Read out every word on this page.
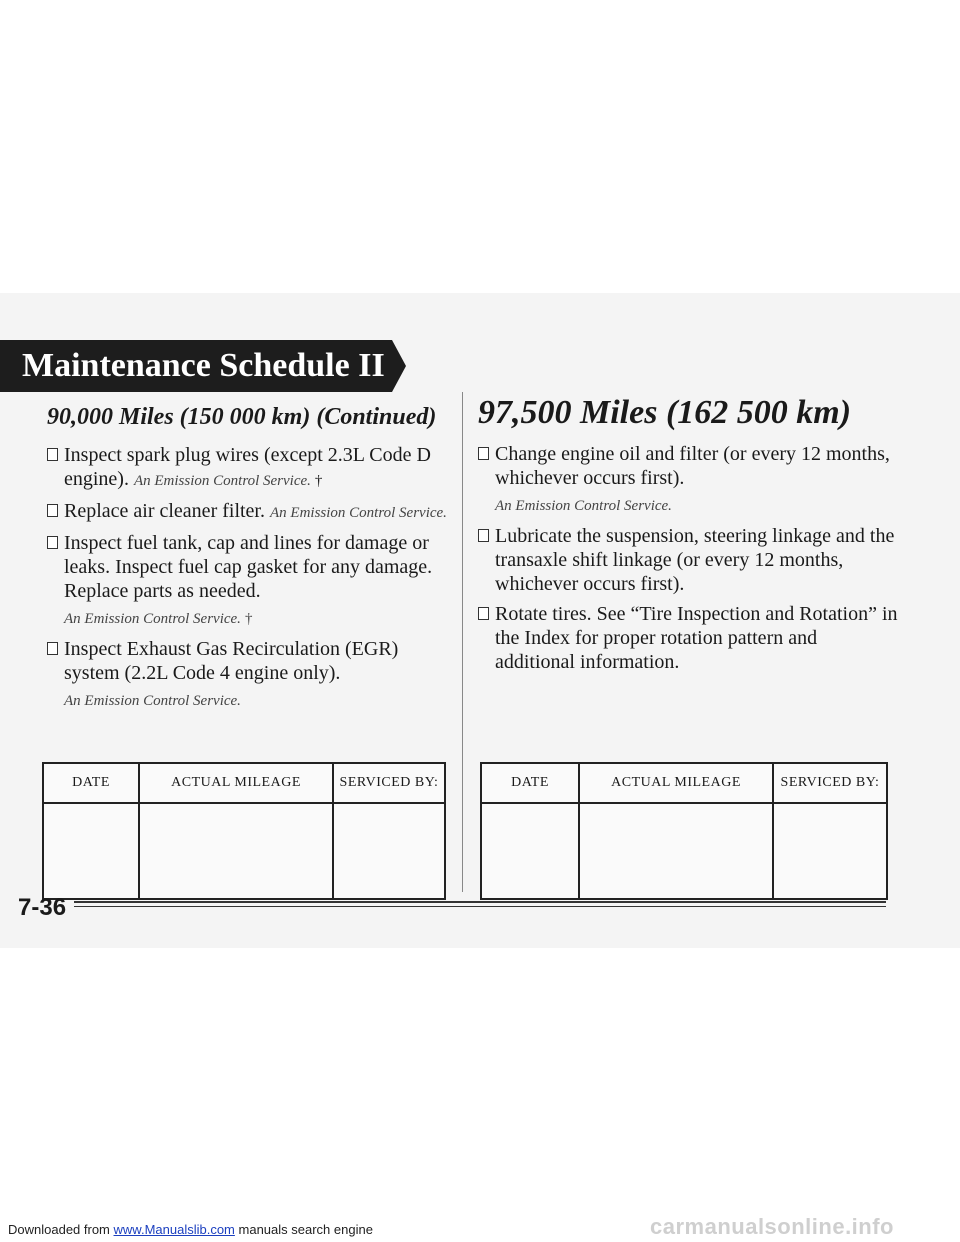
Maintenance Schedule II
90,000 Miles (150 000 km) (Continued)
Inspect spark plug wires (except 2.3L Code D engine). An Emission Control Service. †
Replace air cleaner filter. An Emission Control Service.
Inspect fuel tank, cap and lines for damage or leaks. Inspect fuel cap gasket for any damage. Replace parts as needed.
An Emission Control Service. †
Inspect Exhaust Gas Recirculation (EGR) system (2.2L Code 4 engine only).
An Emission Control Service.
97,500 Miles (162 500 km)
Change engine oil and filter (or every 12 months, whichever occurs first).
An Emission Control Service.
Lubricate the suspension, steering linkage and the transaxle shift linkage (or every 12 months, whichever occurs first).
Rotate tires. See “Tire Inspection and Rotation” in the Index for proper rotation pattern and additional information.
DATE	ACTUAL MILEAGE	SERVICED BY:
			DATE	ACTUAL MILEAGE	SERVICED BY:

7-36
Downloaded from www.Manualslib.com manuals search engine	carmanualsonline.info
